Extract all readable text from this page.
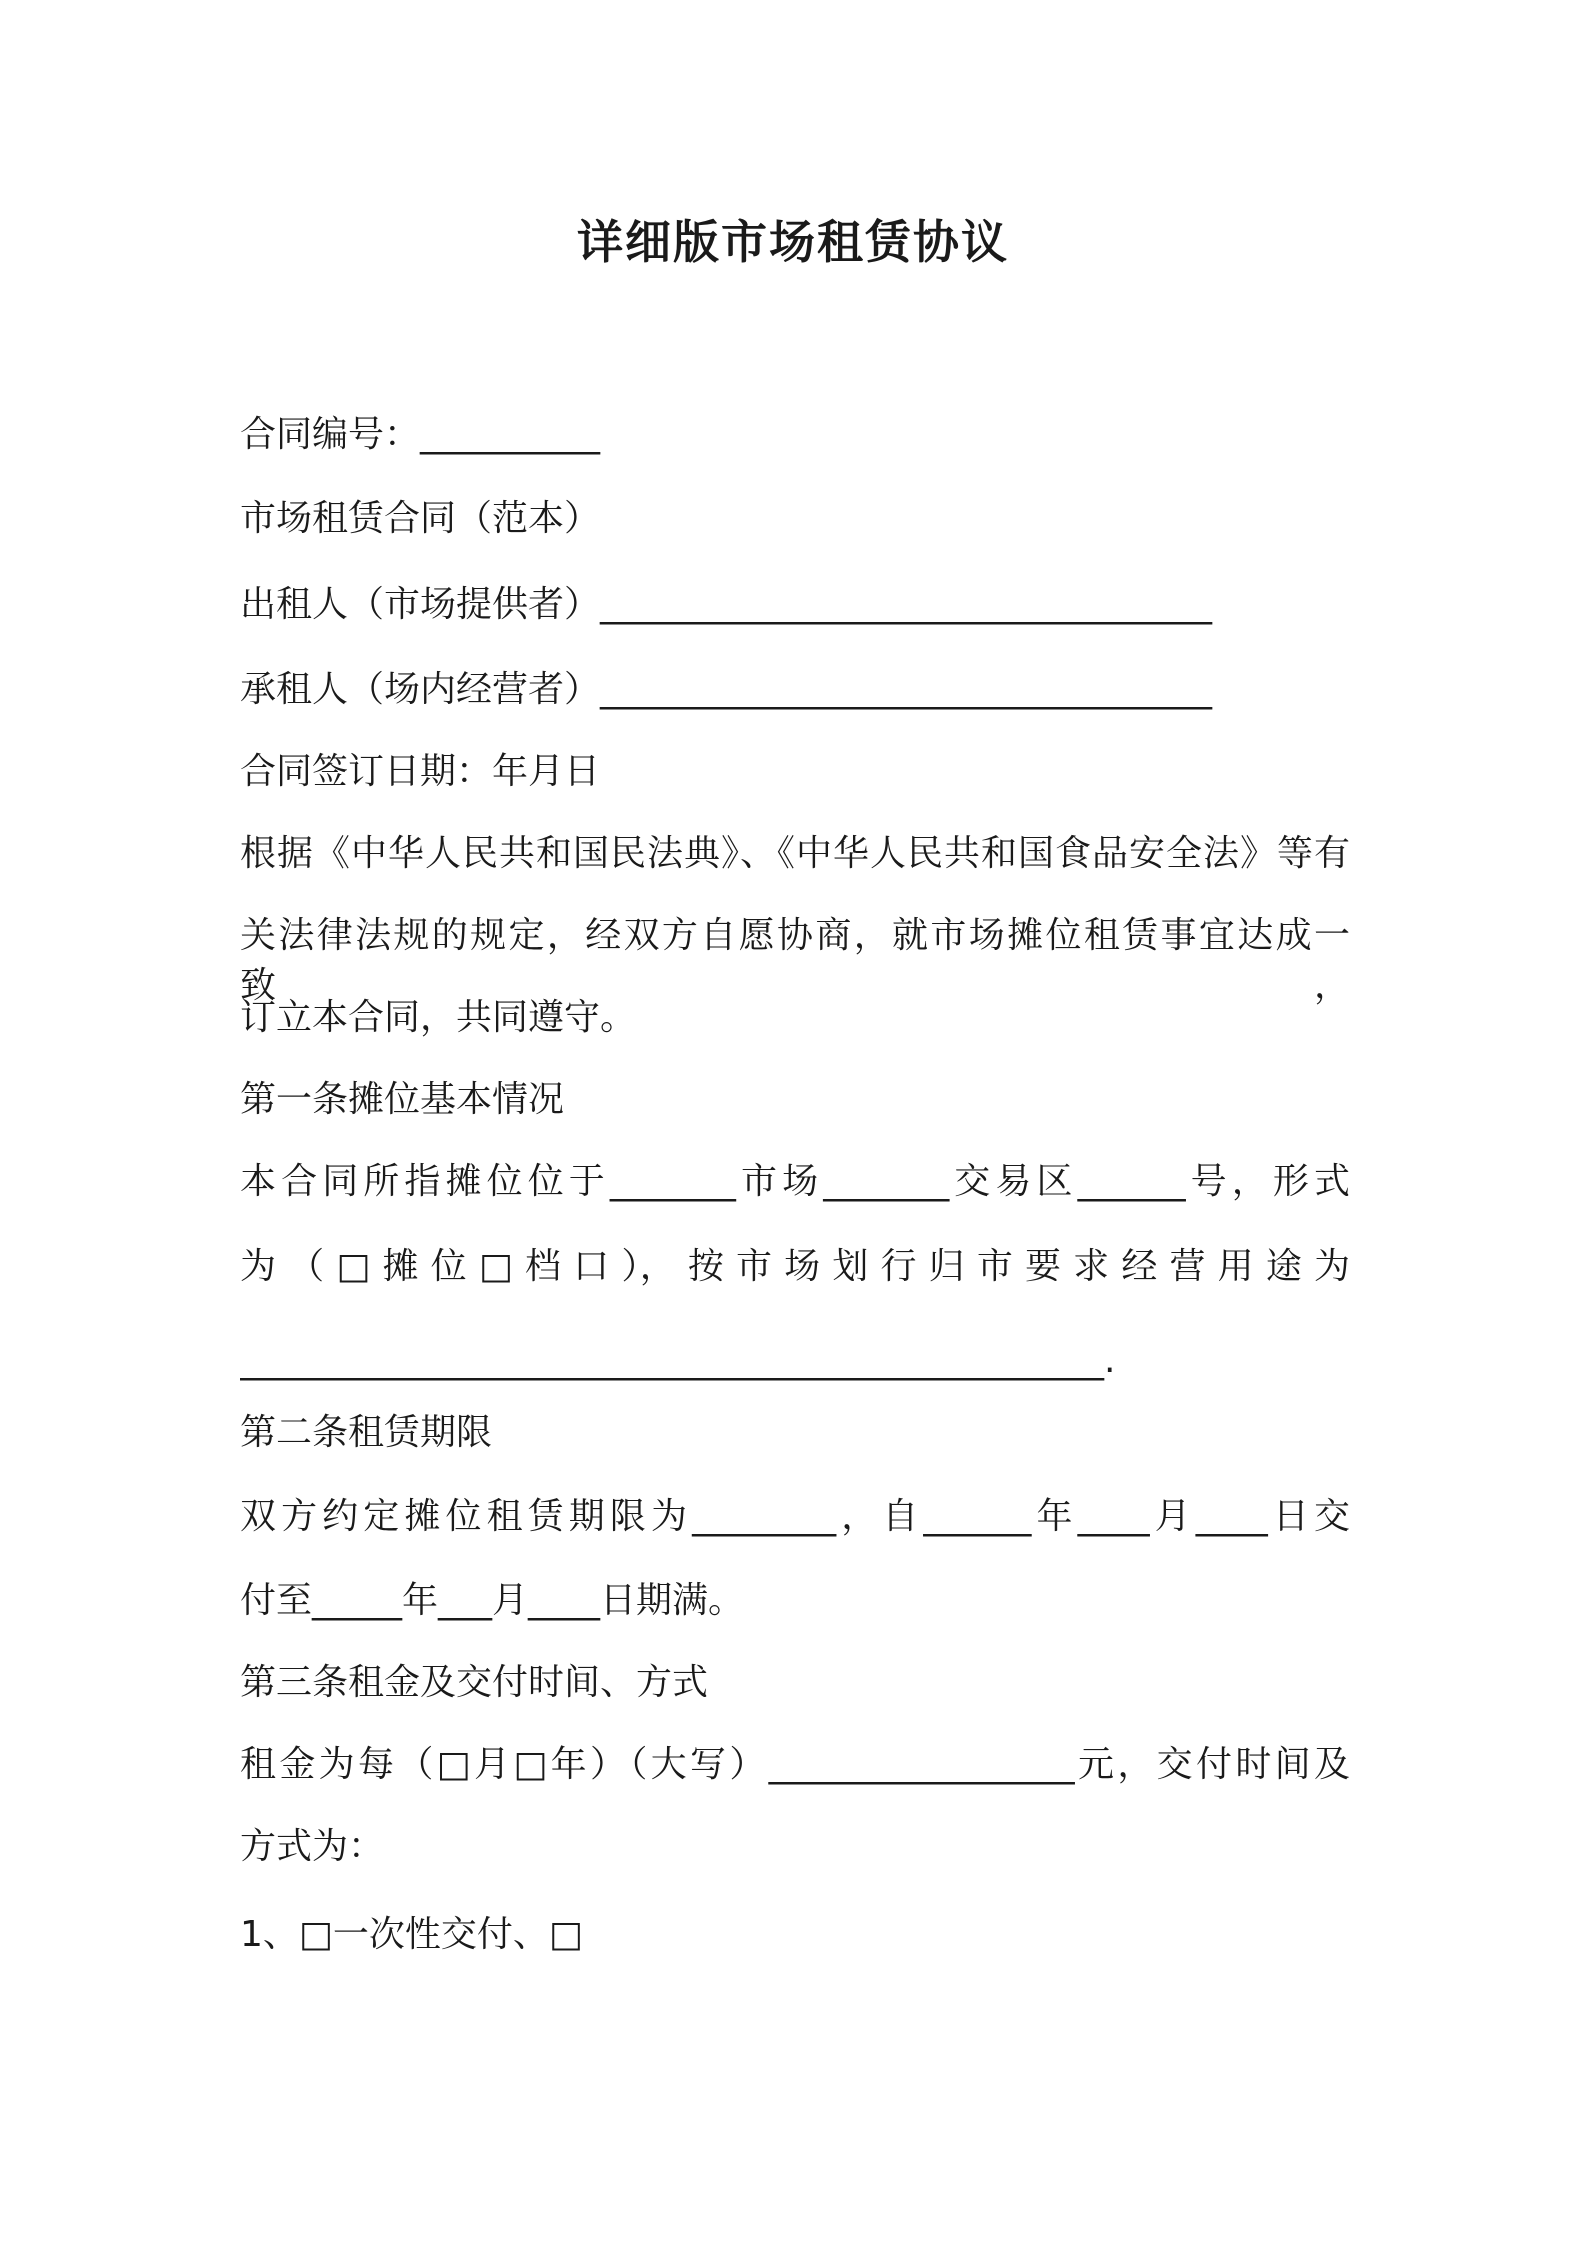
详细版市场租赁协议
合同编号：__________
市场租赁合同（范本）
出租人（市场提供者）__________________________________
承租人（场内经营者）__________________________________
合同签订日期：年月日
根据《中华人民共和国民法典》、《中华人民共和国食品安全法》等有
关法律法规的规定，经双方自愿协商，就市场摊位租赁事宜达成一致，
订立本合同，共同遵守。
第一条摊位基本情况
本合同所指摊位位于_______市场_______交易区______号，形式
为 （ □ 摊 位 □ 档 口 ）， 按 市 场 划 行 归 市 要 求 经 营 用 途 为
________________________________________________.
第二条租赁期限
双方约定摊位租赁期限为________，自______年____月____日交
付至_____年___月____日期满。
第三条租金及交付时间、方式
租金为每（□月□年）（大写）_________________元，交付时间及
方式为：
1、□一次性交付、□
